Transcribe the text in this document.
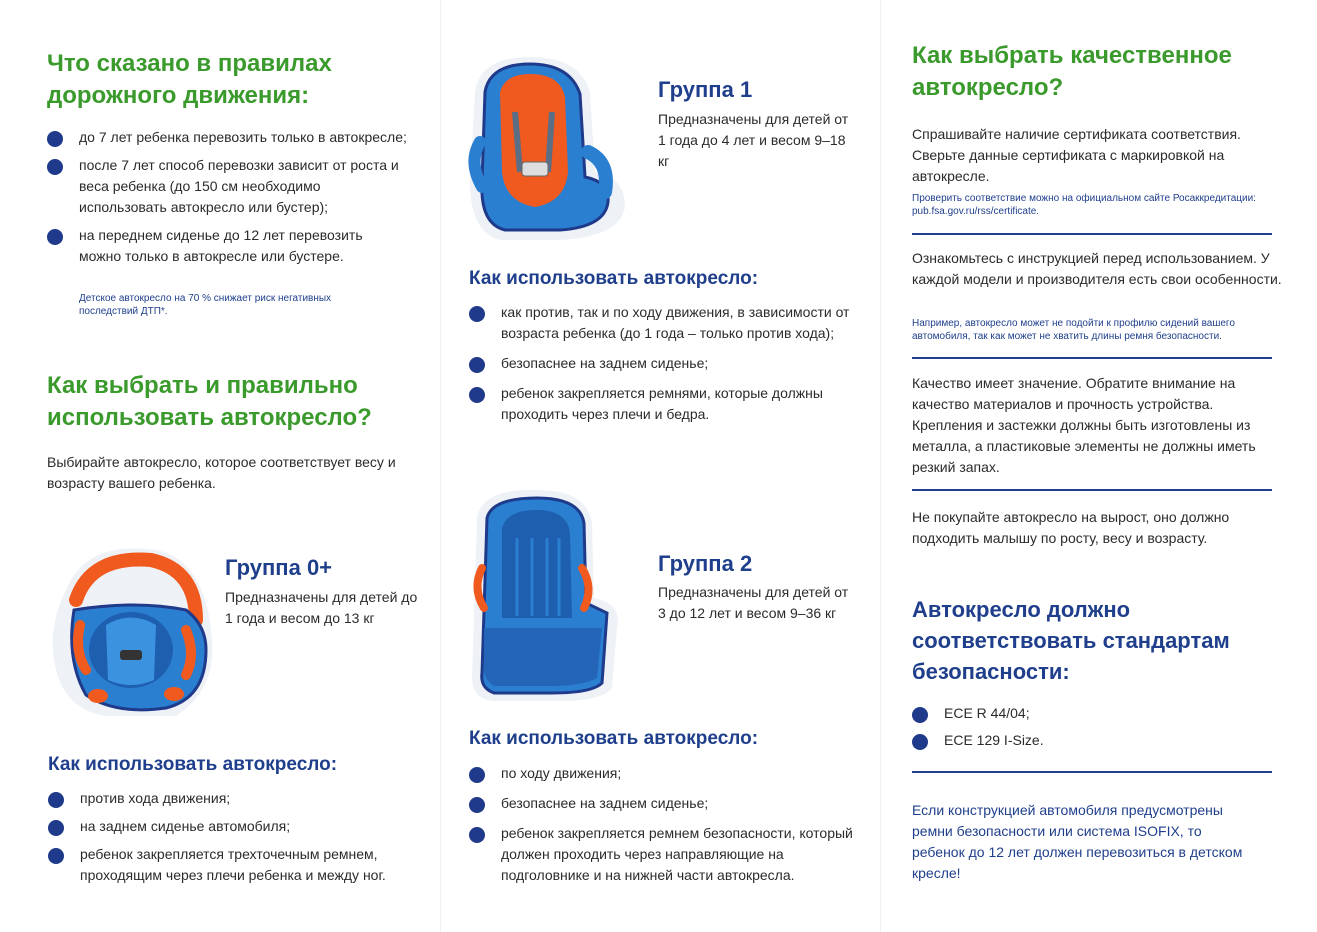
Что сказано в правилах дорожного движения:
до 7 лет ребенка перевозить только в автокресле;
после 7 лет способ перевозки зависит от роста и веса ребенка (до 150 см необходимо использовать автокресло или бустер);
на переднем сиденье до 12 лет перевозить можно только в автокресле или бустере.

Детское автокресло на 70 % снижает риск негативных последствий ДТП*.

Как выбрать и правильно использовать автокресло?

Выбирайте автокресло, которое соответствует весу и возрасту вашего ребенка.

Группа 0+

Предназначены для детей до 1 года и весом до 13 кг

Как использовать автокресло:
против хода движения;
на заднем сиденье автомобиля;
ребенок закрепляется трехточечным ремнем, проходящим через плечи ребенка и между ног.
Группа 1

Предназначены для детей от 1 года до 4 лет и весом 9–18 кг

Как использовать автокресло:
как против, так и по ходу движения, в зависимости от возраста ребенка (до 1 года – только против хода);
безопаснее на заднем сиденье;
ребенок закрепляется ремнями, которые должны проходить через плечи и бедра.
Группа 2

Предназначены для детей от 3 до 12 лет и весом 9–36 кг

Как использовать автокресло:
по ходу движения;
безопаснее на заднем сиденье;
ребенок закрепляется ремнем безопасности, который должен проходить через направляющие на подголовнике и на нижней части автокресла.
Как выбрать качественное автокресло?

Спрашивайте наличие сертификата соответствия. Сверьте данные сертификата с маркировкой на автокресле.

Проверить соответствие можно на официальном сайте Росаккредитации: pub.fsa.gov.ru/rss/certificate.

Ознакомьтесь с инструкцией перед использованием. У каждой модели и производителя есть свои особенности.

Например, автокресло может не подойти к профилю сидений вашего автомобиля, так как может не хватить длины ремня безопасности.

Качество имеет значение. Обратите внимание на качество материалов и прочность устройства. Крепления и застежки должны быть изготовлены из металла, а пластиковые элементы не должны иметь резкий запах.

Не покупайте автокресло на вырост, оно должно подходить малышу по росту, весу и возрасту.

Автокресло должно соответствовать стандартам безопасности:
ECE R 44/04;
ECE 129 I-Size.

Если конструкцией автомобиля предусмотрены ремни безопасности или система ISOFIX, то ребенок до 12 лет должен перевозиться в детском кресле!
